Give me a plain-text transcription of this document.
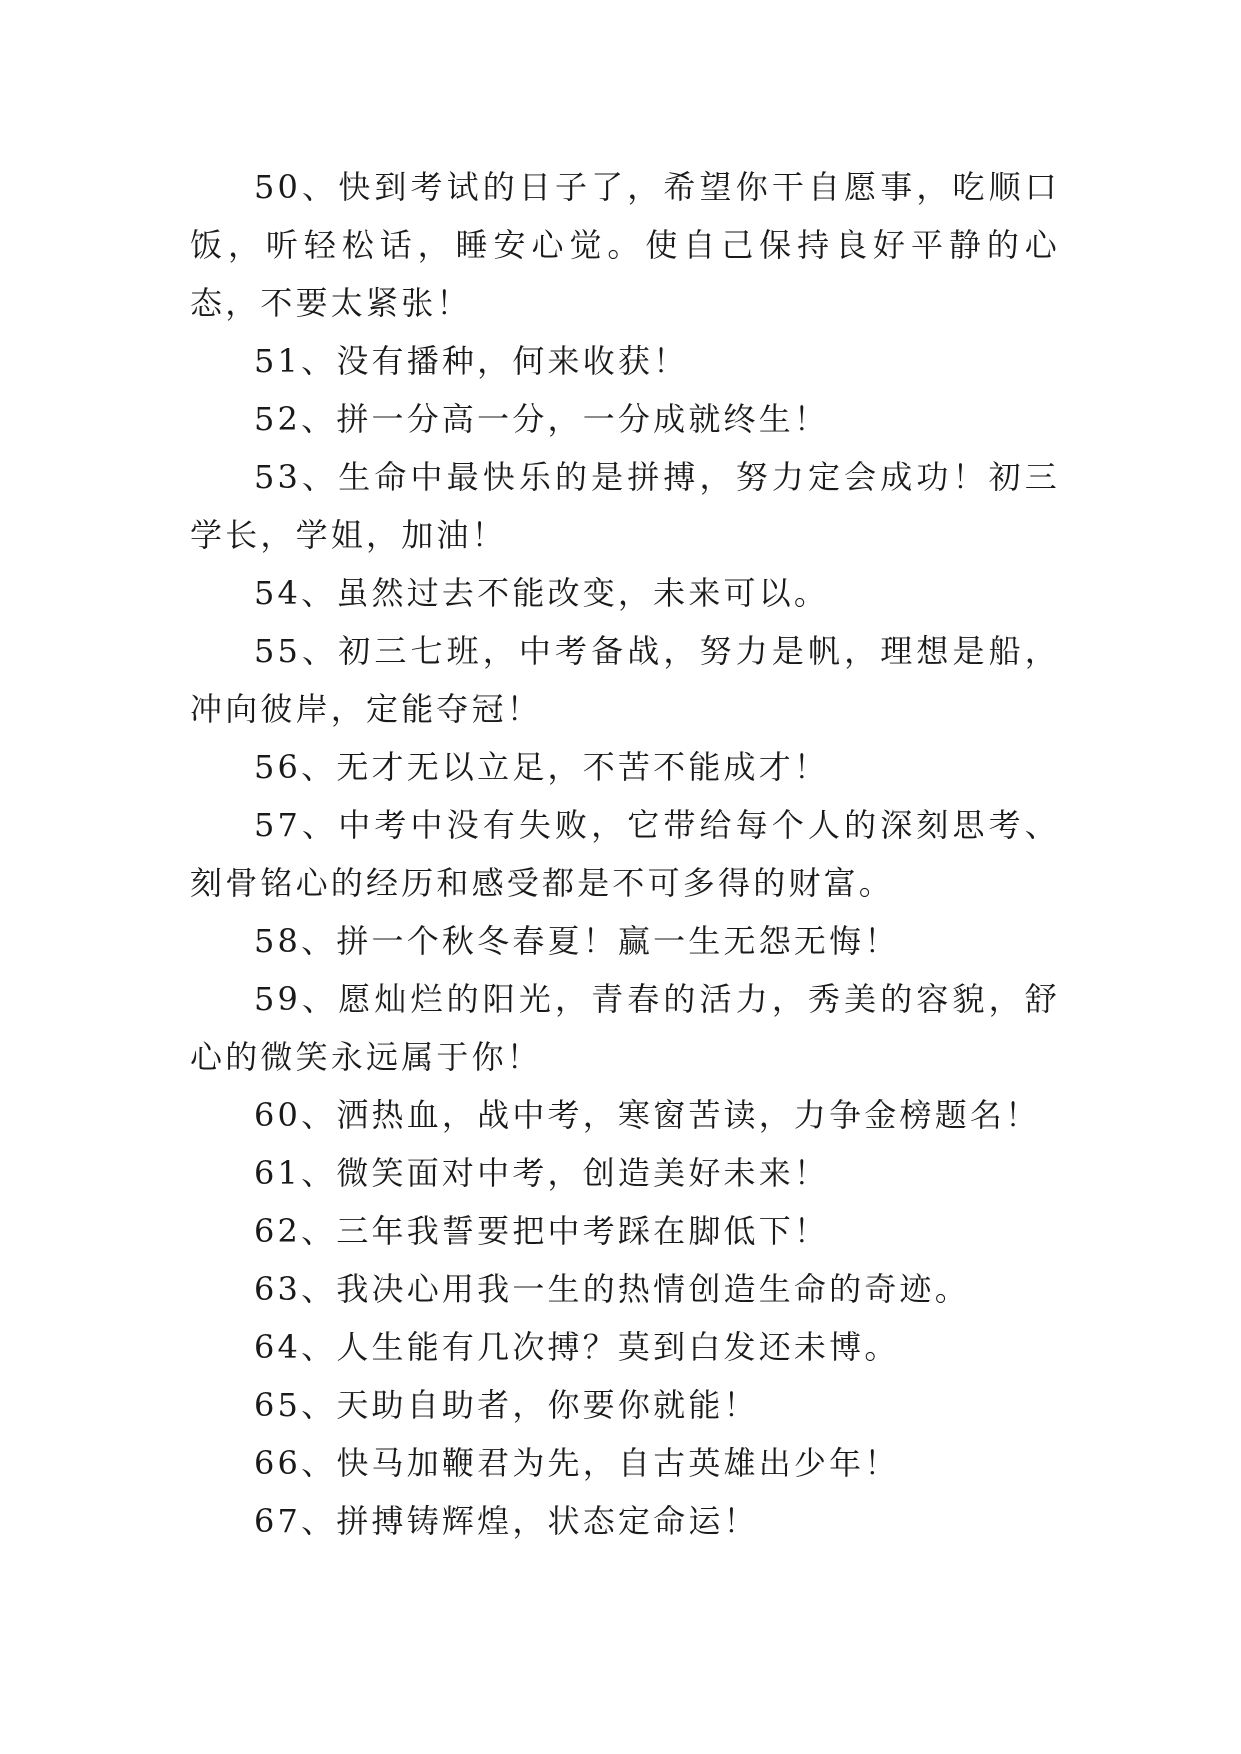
50、快到考试的日子了，希望你干自愿事，吃顺口饭，听轻松话，睡安心觉。使自己保持良好平静的心态，不要太紧张！

51、没有播种，何来收获！

52、拼一分高一分，一分成就终生！

53、生命中最快乐的是拼搏，努力定会成功！初三学长，学姐，加油！

54、虽然过去不能改变，未来可以。

55、初三七班，中考备战，努力是帆，理想是船，冲向彼岸，定能夺冠！

56、无才无以立足，不苦不能成才！

57、中考中没有失败，它带给每个人的深刻思考、刻骨铭心的经历和感受都是不可多得的财富。

58、拼一个秋冬春夏！赢一生无怨无悔！

59、愿灿烂的阳光，青春的活力，秀美的容貌，舒心的微笑永远属于你！

60、洒热血，战中考，寒窗苦读，力争金榜题名！

61、微笑面对中考，创造美好未来！

62、三年我誓要把中考踩在脚低下！

63、我决心用我一生的热情创造生命的奇迹。

64、人生能有几次搏？莫到白发还未博。

65、天助自助者，你要你就能！

66、快马加鞭君为先，自古英雄出少年！

67、拼搏铸辉煌，状态定命运！
